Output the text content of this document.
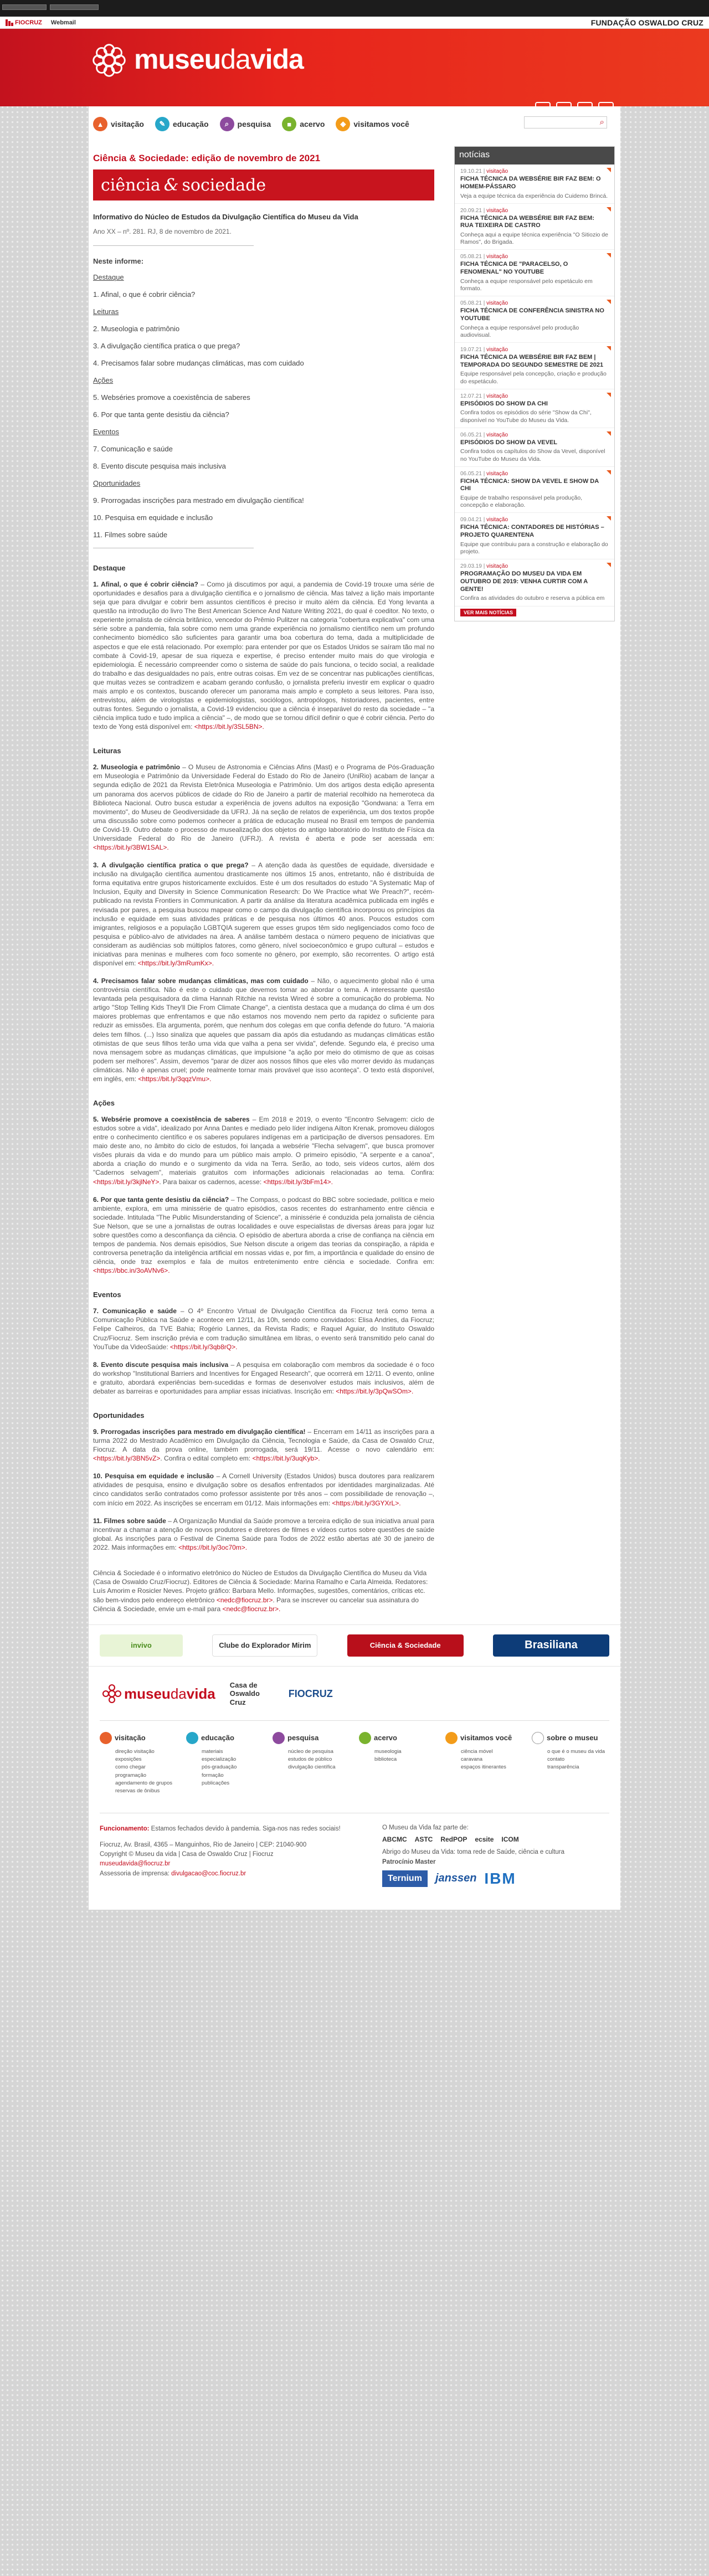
FIOCRUZ Webmail	FUNDAÇÃO OSWALDO CRUZ
museudavida
▲ visitação	✎ educação	⌕	pesquisa	■	acervo	◆	visitamos você	⌕
Ciência & Sociedade: edição de novembro de 2021
ciência & sociedade
Informativo do Núcleo de Estudos da Divulgação Científica do Museu da Vida
Ano XX – nº. 281. RJ, 8 de novembro de 2021.
Neste informe:
Destaque
1. Afinal, o que é cobrir ciência?
Leituras
2. Museologia e patrimônio
3. A divulgação científica pratica o que prega?
4. Precisamos falar sobre mudanças climáticas, mas com cuidado
Ações
5. Webséries promove a coexistência de saberes
6. Por que tanta gente desistiu da ciência?
Eventos
7. Comunicação e saúde
8. Evento discute pesquisa mais inclusiva
Oportunidades
9. Prorrogadas inscrições para mestrado em divulgação científica!
10. Pesquisa em equidade e inclusão
11. Filmes sobre saúde
Destaque

1. Afinal, o que é cobrir ciência? – Como já discutimos por aqui, a pandemia de Covid-19 trouxe uma série de oportunidades e desafios para a divulgação científica e o jornalismo de ciência. Mas talvez a lição mais importante seja que para divulgar e cobrir bem assuntos científicos é preciso ir muito além da ciência. Ed Yong levanta a questão na introdução do livro The Best American Science And Nature Writing 2021, do qual é coeditor. No texto, o experiente jornalista de ciência britânico, vencedor do Prêmio Pulitzer na categoria "cobertura explicativa" com uma série sobre a pandemia, fala sobre como nem uma grande experiência no jornalismo científico nem um profundo conhecimento biomédico são suficientes para garantir uma boa cobertura do tema, dada a multiplicidade de aspectos e que ele está relacionado. Por exemplo: para entender por que os Estados Unidos se saíram tão mal no combate à Covid-19, apesar de sua riqueza e expertise, é preciso entender muito mais do que virologia e epidemiologia. É necessário compreender como o sistema de saúde do país funciona, o tecido social, a realidade do trabalho e das desigualdades no país, entre outras coisas. Em vez de se concentrar nas publicações científicas, que muitas vezes se contradizem e acabam gerando confusão, o jornalista preferiu investir em explicar o quadro mais amplo e os contextos, buscando oferecer um panorama mais amplo e completo a seus leitores. Para isso, entrevistou, além de virologistas e epidemiologistas, sociólogos, antropólogos, historiadores, pacientes, entre outras fontes. Segundo o jornalista, a Covid-19 evidenciou que a ciência é inseparável do resto da sociedade – "a ciência implica tudo e tudo implica a ciência" –, de modo que se tornou difícil definir o que é cobrir ciência. Perto do texto de Yong está disponível em: <https://bit.ly/3SL5BN>.

Leituras

2. Museologia e patrimônio – O Museu de Astronomia e Ciências Afins (Mast) e o Programa de Pós-Graduação em Museologia e Patrimônio da Universidade Federal do Estado do Rio de Janeiro (UniRio) acabam de lançar a segunda edição de 2021 da Revista Eletrônica Museologia e Patrimônio. Um dos artigos desta edição apresenta um panorama dos acervos públicos de cidade do Rio de Janeiro a partir de material recolhido na hemeroteca da Biblioteca Nacional. Outro busca estudar a experiência de jovens adultos na exposição "Gondwana: a Terra em movimento", do Museu de Geodiversidade da UFRJ. Já na seção de relatos de experiência, um dos textos propõe uma discussão sobre como podemos conhecer a prática de educação museal no Brasil em tempos de pandemia de Covid-19. Outro debate o processo de musealização dos objetos do antigo laboratório do Instituto de Física da Universidade Federal do Rio de Janeiro (UFRJ). A revista é aberta e pode ser acessada em: <https://bit.ly/3BW1SAL>.

3. A divulgação científica pratica o que prega? – A atenção dada às questões de equidade, diversidade e inclusão na divulgação científica aumentou drasticamente nos últimos 15 anos, entretanto, não é distribuída de forma equitativa entre grupos historicamente excluídos. Este é um dos resultados do estudo "A Systematic Map of Inclusion, Equity and Diversity in Science Communication Research: Do We Practice what We Preach?", recém-publicado na revista Frontiers in Communication. A partir da análise da literatura acadêmica publicada em inglês e revisada por pares, a pesquisa buscou mapear como o campo da divulgação científica incorporou os princípios da inclusão e equidade em suas atividades práticas e de pesquisa nos últimos 40 anos. Poucos estudos com imigrantes, religiosos e a população LGBTQIA sugerem que esses grupos têm sido negligenciados como foco de pesquisa e público-alvo de atividades na área. A análise também destaca o número pequeno de iniciativas que consideram as audiências sob múltiplos fatores, como gênero, nível socioeconômico e grupo cultural – estudos e iniciativas para meninas e mulheres com foco somente no gênero, por exemplo, são recorrentes. O artigo está disponível em: <https://bit.ly/3mRumKx>.

4. Precisamos falar sobre mudanças climáticas, mas com cuidado – Não, o aquecimento global não é uma controvérsia científica. Não é este o cuidado que devemos tomar ao abordar o tema. A interessante questão levantada pela pesquisadora da clima Hannah Ritchie na revista Wired é sobre a comunicação do problema. No artigo "Stop Telling Kids They'll Die From Climate Change", a cientista destaca que a mudança do clima é um dos maiores problemas que enfrentamos e que não estamos nos movendo nem perto da rapidez o suficiente para reduzir as emissões. Ela argumenta, porém, que nenhum dos colegas em que confia defende do futuro. "A maioria deles tem filhos. (...) Isso sinaliza que aqueles que passam dia após dia estudando as mudanças climáticas estão otimistas de que seus filhos terão uma vida que valha a pena ser vivida", defende. Segundo ela, é preciso uma nova mensagem sobre as mudanças climáticas, que impulsione "a ação por meio do otimismo de que as coisas podem ser melhores". Assim, devemos "parar de dizer aos nossos filhos que eles vão morrer devido às mudanças climáticas. Não é apenas cruel; pode realmente tornar mais provável que isso aconteça". O texto está disponível, em inglês, em: <https://bit.ly/3qqzVmu>.

Ações

5. Websérie promove a coexistência de saberes – Em 2018 e 2019, o evento "Encontro Selvagem: ciclo de estudos sobre a vida", idealizado por Anna Dantes e mediado pelo líder indígena Ailton Krenak, promoveu diálogos entre o conhecimento científico e os saberes populares indígenas em a participação de diversos pensadores. Em maio deste ano, no âmbito do ciclo de estudos, foi lançada a websérie "Flecha selvagem", que busca promover visões plurais da vida e do mundo para um público mais amplo. O primeiro episódio, "A serpente e a canoa", aborda a criação do mundo e o surgimento da vida na Terra. Serão, ao todo, seis vídeos curtos, além dos "Cadernos selvagem", materiais gratuitos com informações adicionais relacionadas ao tema. Confira: <https://bit.ly/3kjlNeY>. Para baixar os cadernos, acesse: <https://bit.ly/3bFm14>.

6. Por que tanta gente desistiu da ciência? – The Compass, o podcast do BBC sobre sociedade, política e meio ambiente, explora, em uma minissérie de quatro episódios, casos recentes do estranhamento entre ciência e sociedade. Intitulada "The Public Misunderstanding of Science", a minissérie é conduzida pela jornalista de ciência Sue Nelson, que se une a jornalistas de outras localidades e ouve especialistas de diversas áreas para jogar luz sobre questões como a desconfiança da ciência. O episódio de abertura aborda a crise de confiança na ciência em tempos de pandemia. Nos demais episódios, Sue Nelson discute a origem das teorias da conspiração, a rápida e controversa penetração da inteligência artificial em nossas vidas e, por fim, a importância e qualidade do ensino de ciência, onde traz exemplos e fala de muitos entretenimento entre ciência e sociedade. Confira em: <https://bbc.in/3oAVNv6>.

Eventos

7. Comunicação e saúde – O 4º Encontro Virtual de Divulgação Científica da Fiocruz terá como tema a Comunicação Pública na Saúde e acontece em 12/11, às 10h, sendo como convidados: Elisa Andries, da Fiocruz; Felipe Calheiros, da TVE Bahia; Rogério Lannes, da Revista Radis; e Raquel Aguiar, do Instituto Oswaldo Cruz/Fiocruz. Sem inscrição prévia e com tradução simultânea em libras, o evento será transmitido pelo canal do YouTube da VideoSaúde: <https://bit.ly/3qb8rQ>.

8. Evento discute pesquisa mais inclusiva – A pesquisa em colaboração com membros da sociedade é o foco do workshop "Institutional Barriers and Incentives for Engaged Research", que ocorrerá em 12/11. O evento, online e gratuito, abordará experiências bem-sucedidas e formas de desenvolver estudos mais inclusivos, além de debater as barreiras e oportunidades para ampliar essas iniciativas. Inscrição em: <https://bit.ly/3pQwSOm>.

Oportunidades

9. Prorrogadas inscrições para mestrado em divulgação científica! – Encerram em 14/11 as inscrições para a turma 2022 do Mestrado Acadêmico em Divulgação da Ciência, Tecnologia e Saúde, da Casa de Oswaldo Cruz, Fiocruz. A data da prova online, também prorrogada, será 19/11. Acesse o novo calendário em: <https://bit.ly/3BN5vZ>. Confira o edital completo em: <https://bit.ly/3uqKyb>.

10. Pesquisa em equidade e inclusão – A Cornell University (Estados Unidos) busca doutores para realizarem atividades de pesquisa, ensino e divulgação sobre os desafios enfrentados por identidades marginalizadas. Até cinco candidatos serão contratados como professor assistente por três anos – com possibilidade de renovação –, com início em 2022. As inscrições se encerram em 01/12. Mais informações em: <https://bit.ly/3GYXrL>.

11. Filmes sobre saúde – A Organização Mundial da Saúde promove a terceira edição de sua iniciativa anual para incentivar a chamar a atenção de novos produtores e diretores de filmes e vídeos curtos sobre questões de saúde global. As inscrições para o Festival de Cinema Saúde para Todos de 2022 estão abertas até 30 de janeiro de 2022. Mais informações em: <https://bit.ly/3oc70m>.

Ciência & Sociedade é o informativo eletrônico do Núcleo de Estudos da Divulgação Científica do Museu da Vida (Casa de Oswaldo Cruz/Fiocruz). Editores de Ciência & Sociedade: Marina Ramalho e Carla Almeida. Redatores: Luís Amorim e Rosicler Neves. Projeto gráfico: Barbara Mello. Informações, sugestões, comentários, críticas etc. são bem-vindos pelo endereço eletrônico <nedc@fiocruz.br>. Para se inscrever ou cancelar sua assinatura do Ciência & Sociedade, envie um e-mail para <nedc@fiocruz.br>.

notícias
19.10.21 | visitação
FICHA TÉCNICA DA WEBSÉRIE BIR FAZ BEM: O HOMEM-PÁSSARO
Veja a equipe técnica da experiência do Cuidemo Brincá.
20.09.21 | visitação
FICHA TÉCNICA DA WEBSÉRIE BIR FAZ BEM: RUA TEIXEIRA DE CASTRO
Conheça aqui a equipe técnica experiência "O Sitiozio de Ramos", do Brigada.
05.08.21 | visitação
FICHA TÉCNICA DE "PARACELSO, O FENOMENAL" NO YOUTUBE
Conheça a equipe responsável pelo espetáculo em formato.
05.08.21 | visitação
FICHA TÉCNICA DE CONFERÊNCIA SINISTRA NO YOUTUBE
Conheça a equipe responsável pelo produção audiovisual.
19.07.21 | visitação
FICHA TÉCNICA DA WEBSÉRIE BIR FAZ BEM | TEMPORADA DO SEGUNDO SEMESTRE DE 2021
Equipe responsável pela concepção, criação e produção do espetáculo.
12.07.21 | visitação
EPISÓDIOS DO SHOW DA CHI
Confira todos os episódios do série "Show da Chi", disponível no YouTube do Museu da Vida.
06.05.21 | visitação
EPISÓDIOS DO SHOW DA VEVEL
Confira todos os capítulos do Show da Vevel, disponível no YouTube do Museu da Vida.
06.05.21 | visitação
FICHA TÉCNICA: SHOW DA VEVEL E SHOW DA CHI
Equipe de trabalho responsável pela produção, concepção e elaboração.
09.04.21 | visitação
FICHA TÉCNICA: CONTADORES DE HISTÓRIAS – PROJETO QUARENTENA
Equipe que contribuiu para a construção e elaboração do projeto.
29.03.19 | visitação
PROGRAMAÇÃO DO MUSEU DA VIDA EM OUTUBRO DE 2019: VENHA CURTIR COM A GENTE!
Confira as atividades do outubro e reserva a pública em
VER MAIS NOTÍCIAS
invivo	Clube do Explorador Mirim	Ciência & Sociedade	Brasiliana
museu da vida
Casa de Oswaldo Cruz
FIOCRUZ
visitação
direção visitação
exposições
como chegar
programação
agendamento de grupos
reservas de ônibus
educação
materiais
especialização
pós-graduação
formação
publicações
pesquisa
núcleo de pesquisa
estudos de público
divulgação científica
acervo
museologia
biblioteca
visitamos você
ciência móvel
caravana
espaços itinerantes
sobre o museu
o que é o museu da vida
contato
transparência

Funcionamento: Estamos fechados devido à pandemia. Siga-nos nas redes sociais!

Fiocruz, Av. Brasil, 4365 – Manguinhos, Rio de Janeiro | CEP: 21040-900

Copyright © Museu da vida | Casa de Oswaldo Cruz | Fiocruz

museudavida@fiocruz.br

Assessoria de imprensa: divulgacao@coc.fiocruz.br

O Museu da Vida faz parte de:

ABCMC ASTC RedPOP ecsite ICOM

Abrigo do Museu da Vida: toma rede de Saúde, ciência e cultura

Patrocínio Master

Ternium	janssen IBM
